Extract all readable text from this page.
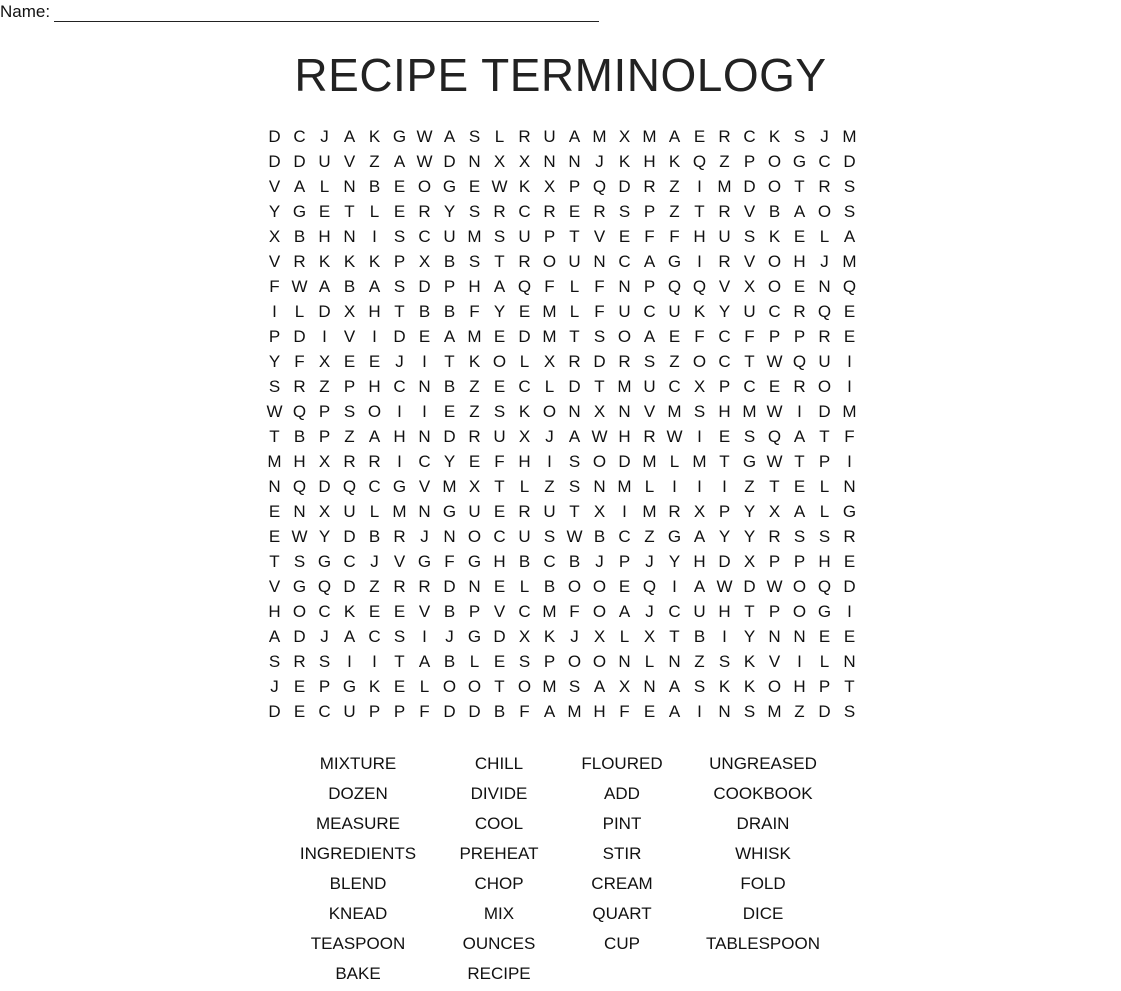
Name:
RECIPE TERMINOLOGY
D C J A K G W A S L R U A M X M A E R C K S J M
D D U V Z A W D N X X N N J K H K Q Z P O G C D
V A L N B E O G E W K X P Q D R Z	I M D O T R S
Y G E T L E R Y S R C R E R S P Z T R V B A O S
X B H N I S C U M S U P T V E F F H U S K E L A
V R K K K P X B S T R O U N C A G I R V O H J M
F W A B A S D P H A Q F L F N P Q Q V X O E N Q
I	L D X H T B B F Y E M L F U C U K Y U C R Q E
P D I V I D E A M E D M T S O A E F C F P P R E
Y F X E E J	I	T K O L X R D R S Z O C T W Q U I
S R Z P H C N B Z E C L D T M U C X P C E R O I
W Q P S O I	I E Z S K O N X N V M S H M W I D M
T B P Z A H N D R U X J A W H R W I E S Q A T F
M H X R R I C Y E F H I S O D M L M T G W T P I
N Q D Q C G V M X T L Z S N M L	I	I	I	Z T E L N
E N X U L M N G U E R U T X I M R X P Y X A L G
E W Y D B R J N O C U S W B C Z G A Y Y R S S R
T S G C J V G F G H B C B J P J Y H D X P P H E
V G Q D Z R R D N E L B O O E Q I A W D W O Q D
H O C K E E V B P V C M F O A J C U H T P O G I
A D J A C S I	J G D X K J X L X T B I Y N N E E
S R S I	I	T A B L E S P O O N L N Z S K V I	L N
J E P G K E L O O T O M S A X N A S K K O H P T
D E C U P P F D D B F A M H F E A I N S M Z D S
MIXTURE	CHILL	FLOURED	UNGREASED
DOZEN	DIVIDE	ADD	COOKBOOK
MEASURE	COOL	PINT	DRAIN
INGREDIENTS	PREHEAT	STIR	WHISK
BLEND	CHOP	CREAM	FOLD
KNEAD	MIX	QUART	DICE
TEASPOON	OUNCES	CUP	TABLESPOON
BAKE	RECIPE
